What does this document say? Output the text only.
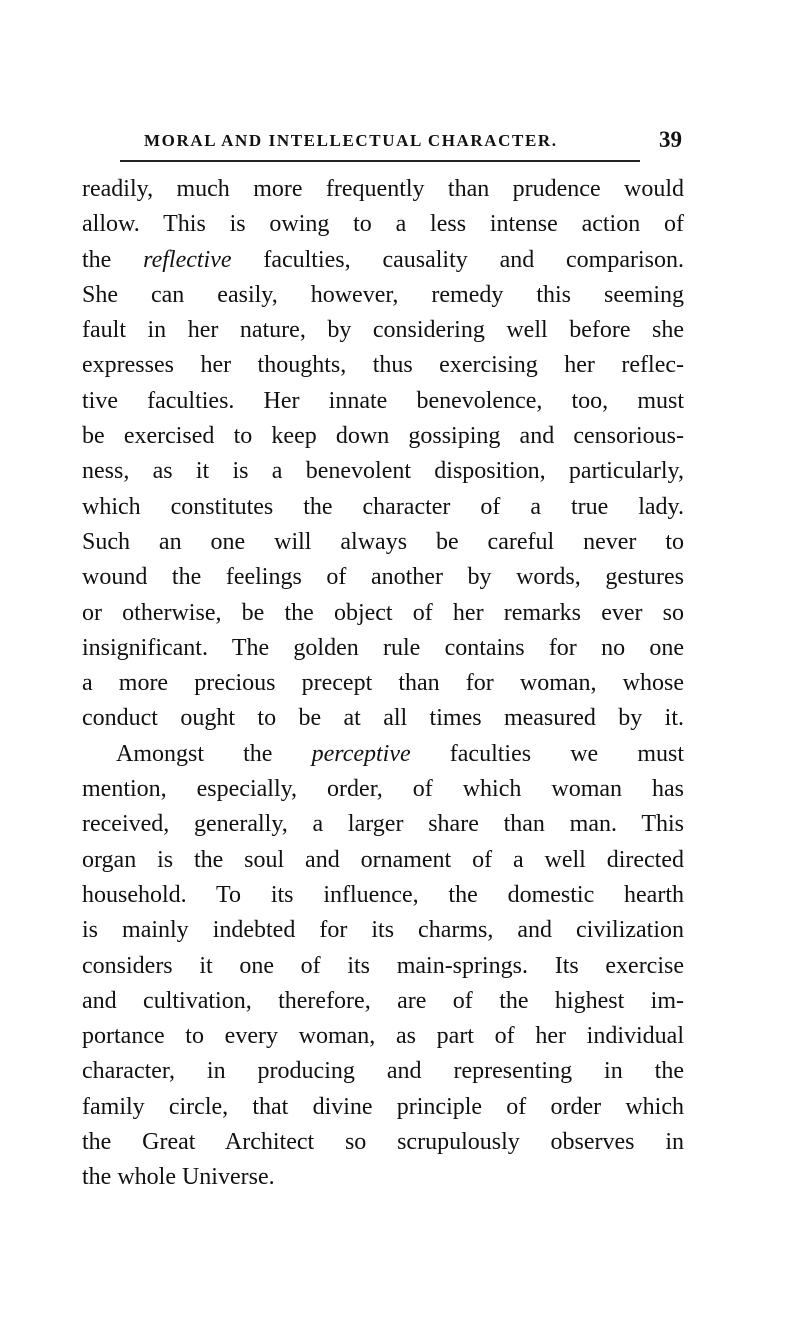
MORAL AND INTELLECTUAL CHARACTER.	39
readily, much more frequently than prudence would
allow. This is owing to a less intense action of
the reflective faculties, causality and comparison.
She can easily, however, remedy this seeming
fault in her nature, by considering well before she
expresses her thoughts, thus exercising her reflec-
tive faculties. Her innate benevolence, too, must
be exercised to keep down gossiping and censorious-
ness, as it is a benevolent disposition, particularly,
which constitutes the character of a true lady.
Such an one will always be careful never to
wound the feelings of another by words, gestures
or otherwise, be the object of her remarks ever so
insignificant. The golden rule contains for no one
a more precious precept than for woman, whose
conduct ought to be at all times measured by it.
Amongst the perceptive faculties we must
mention, especially, order, of which woman has
received, generally, a larger share than man. This
organ is the soul and ornament of a well directed
household. To its influence, the domestic hearth
is mainly indebted for its charms, and civilization
considers it one of its main-springs. Its exercise
and cultivation, therefore, are of the highest im-
portance to every woman, as part of her individual
character, in producing and representing in the
family circle, that divine principle of order which
the Great Architect so scrupulously observes in
the whole Universe.
